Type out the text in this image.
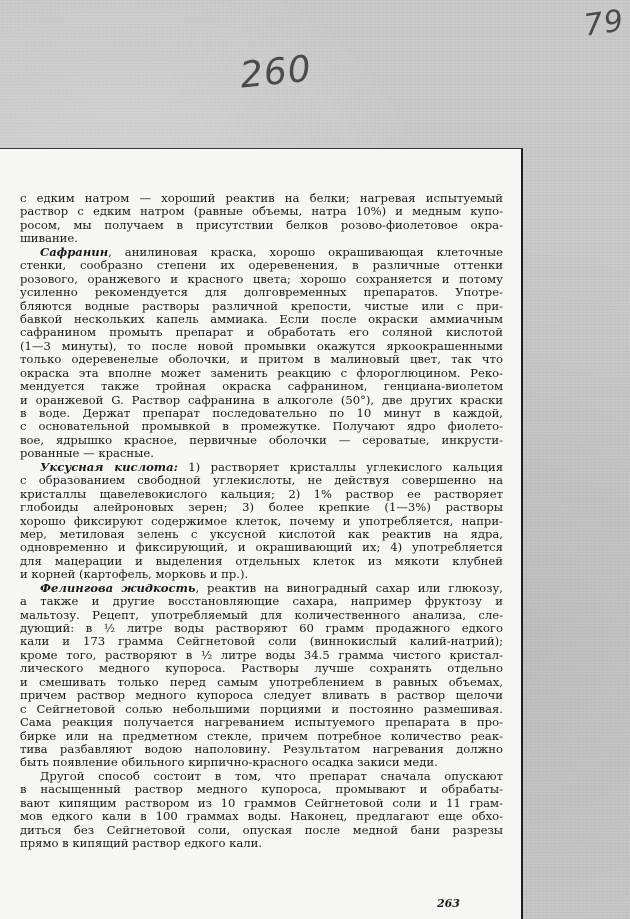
79
260
с едким натром — хороший реактив на белки; нагревая испытуемый
раствор с едким натром (равные объемы, натра 10%) и медным купо-
росом, мы получаем в присутствии белков розово-фиолетовое окра-
шивание.
Сафранин, анилиновая краска, хорошо окрашивающая клеточные
стенки, сообразно степени их одеревенения, в различные оттенки
розового, оранжевого и красного цвета; хорошо сохраняется и потому
усиленно рекомендуется для долговременных препаратов. Употре-
бляются водные растворы различной крепости, чистые или с при-
бавкой нескольких капель аммиака. Если после окраски аммиачным
сафранином промыть препарат и обработать его соляной кислотой
(1—3 минуты), то после новой промывки окажутся яркоокрашенными
только одеревенелые оболочки, и притом в малиновый цвет, так что
окраска эта вполне может заменить реакцию с флороглюцином. Реко-
мендуется также тройная окраска сафранином, генциана-виолетом
и оранжевой G. Раствор сафранина в алкоголе (50°), две других краски
в воде. Держат препарат последовательно по 10 минут в каждой,
с основательной промывкой в промежутке. Получают ядро фиолето-
вое, ядрышко красное, первичные оболочки — сероватые, инкрусти-
рованные — красные.
Уксусная кислота: 1) растворяет кристаллы углекислого кальция
с образованием свободной углекислоты, не действуя совершенно на
кристаллы щавелевокислого кальция; 2) 1% раствор ее растворяет
глобоиды алейроновых зерен; 3) более крепкие (1—3%) растворы
хорошо фиксируют содержимое клеток, почему и употребляется, напри-
мер, метиловая зелень с уксусной кислотой как реактив на ядра,
одновременно и фиксирующий, и окрашивающий их; 4) употребляется
для мацерации и выделения отдельных клеток из мякоти клубней
и корней (картофель, морковь и пр.).
Фелингова жидкость, реактив на виноградный сахар или глюкозу,
а также и другие восстановляющие сахара, например фруктозу и
мальтозу. Рецепт, употребляемый для количественного анализа, сле-
дующий: в ½ литре воды растворяют 60 грамм продажного едкого
кали и 173 грамма Сейгнетовой соли (виннокислый калий-натрий);
кроме того, растворяют в ½ литре воды 34.5 грамма чистого кристал-
лического медного купороса. Растворы лучше сохранять отдельно
и смешивать только перед самым употреблением в равных объемах,
причем раствор медного купороса следует вливать в раствор щелочи
с Сейгнетовой солью небольшими порциями и постоянно размешивая.
Сама реакция получается нагреванием испытуемого препарата в про-
бирке или на предметном стекле, причем потребное количество реак-
тива разбавляют водою наполовину. Результатом нагревания должно
быть появление обильного кирпично-красного осадка закиси меди.
Другой способ состоит в том, что препарат сначала опускают
в насыщенный раствор медного купороса, промывают и обрабаты-
вают кипящим раствором из 10 граммов Сейгнетовой соли и 11 грам-
мов едкого кали в 100 граммах воды. Наконец, предлагают еще обхо-
диться без Сейгнетовой соли, опуская после медной бани разрезы
прямо в кипящий раствор едкого кали.
263
